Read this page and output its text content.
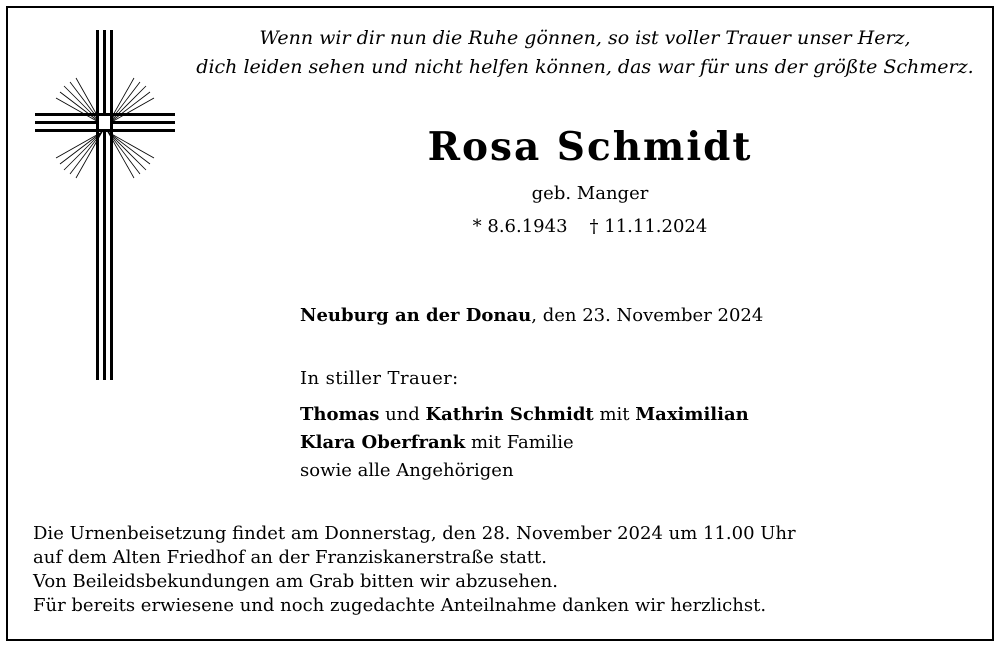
Wenn wir dir nun die Ruhe gönnen, so ist voller Trauer unser Herz,
dich leiden sehen und nicht helfen können, das war für uns der größte Schmerz.
Rosa Schmidt
geb. Manger
* 8.6.1943 † 11.11.2024
Neuburg an der Donau, den 23. November 2024
In stiller Trauer:
Thomas und Kathrin Schmidt mit Maximilian
Klara Oberfrank mit Familie
sowie alle Angehörigen
Die Urnenbeisetzung findet am Donnerstag, den 28. November 2024 um 11.00 Uhr
auf dem Alten Friedhof an der Franziskanerstraße statt.
Von Beileidsbekundungen am Grab bitten wir abzusehen.
Für bereits erwiesene und noch zugedachte Anteilnahme danken wir herzlichst.
